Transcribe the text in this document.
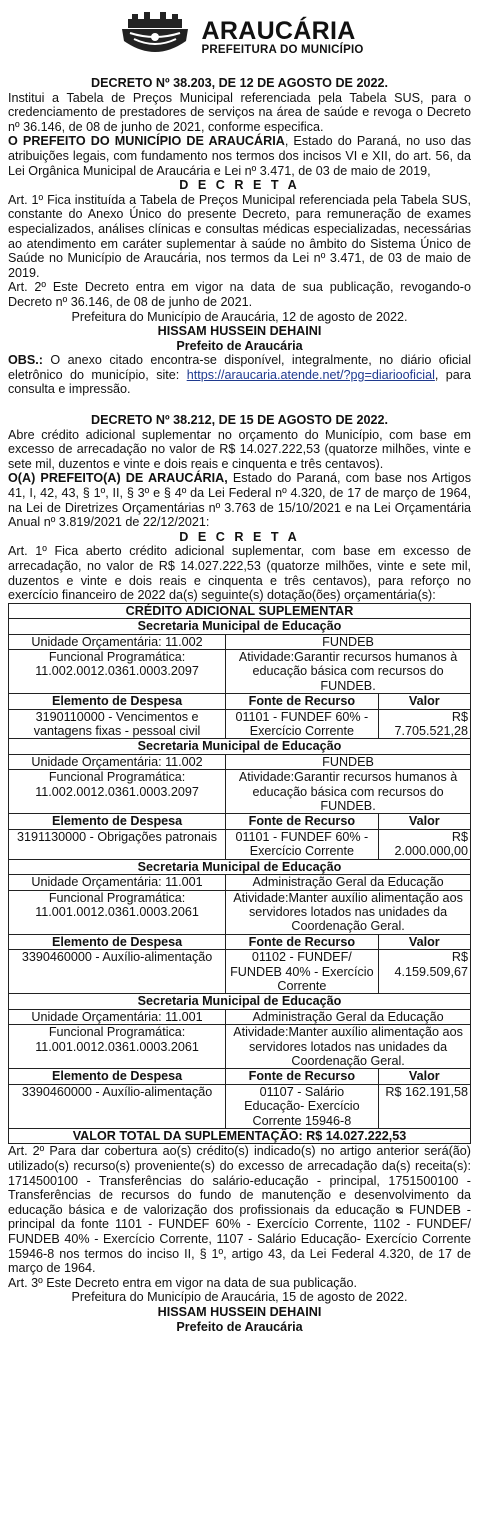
ARAUCÁRIA
PREFEITURA DO MUNICÍPIO

DECRETO Nº 38.203, DE 12 DE AGOSTO DE 2022.

Institui a Tabela de Preços Municipal referenciada pela Tabela SUS, para o credenciamento de prestadores de serviços na área de saúde e revoga o Decreto nº 36.146, de 08 de junho de 2021, conforme especifica.

O PREFEITO DO MUNICÍPIO DE ARAUCÁRIA, Estado do Paraná, no uso das atribuições legais, com fundamento nos termos dos incisos VI e XII, do art. 56, da Lei Orgânica Municipal de Araucária e Lei nº 3.471, de 03 de maio de 2019,

D E C R E T A

Art. 1º Fica instituída a Tabela de Preços Municipal referenciada pela Tabela SUS, constante do Anexo Único do presente Decreto, para remuneração de exames especializados, análises clínicas e consultas médicas especializadas, necessárias ao atendimento em caráter suplementar à saúde no âmbito do Sistema Único de Saúde no Município de Araucária, nos termos da Lei nº 3.471, de 03 de maio de 2019.

Art. 2º Este Decreto entra em vigor na data de sua publicação, revogando-o Decreto nº 36.146, de 08 de junho de 2021.

Prefeitura do Município de Araucária, 12 de agosto de 2022.

HISSAM HUSSEIN DEHAINI

Prefeito de Araucária

OBS.: O anexo citado encontra-se disponível, integralmente, no diário oficial eletrônico do município, site: https://araucaria.atende.net/?pg=diariooficial, para consulta e impressão.

DECRETO Nº 38.212, DE 15 DE AGOSTO DE 2022.

Abre crédito adicional suplementar no orçamento do Município, com base em excesso de arrecadação no valor de R$ 14.027.222,53 (quatorze milhões, vinte e sete mil, duzentos e vinte e dois reais e cinquenta e três centavos).

O(A) PREFEITO(A) DE ARAUCÁRIA, Estado do Paraná, com base nos Artigos 41, I, 42, 43, § 1º, II, § 3º e § 4º da Lei Federal nº 4.320, de 17 de março de 1964, na Lei de Diretrizes Orçamentárias nº 3.763 de 15/10/2021 e na Lei Orçamentária Anual nº 3.819/2021 de 22/12/2021:

D E C R E T A

Art. 1º Fica aberto crédito adicional suplementar, com base em excesso de arrecadação, no valor de R$ 14.027.222,53 (quatorze milhões, vinte e sete mil, duzentos e vinte e dois reais e cinquenta e três centavos), para reforço no exercício financeiro de 2022 da(s) seguinte(s) dotação(ões) orçamentária(s):

CRÉDITO ADICIONAL SUPLEMENTAR		
Secretaria Municipal de Educação		
Unidade Orçamentária: 11.002	FUNDEB	
Funcional Programática: 11.002.0012.0361.0003.2097	Atividade:Garantir recursos humanos à educação básica com recursos do FUNDEB.	
Elemento de Despesa	Fonte de Recurso	Valor
3190110000 - Vencimentos e vantagens fixas - pessoal civil	01101 - FUNDEF 60% - Exercício Corrente	R$ 7.705.521,28
Secretaria Municipal de Educação		
Unidade Orçamentária: 11.002	FUNDEB	
Funcional Programática: 11.002.0012.0361.0003.2097	Atividade:Garantir recursos humanos à educação básica com recursos do FUNDEB.	
Elemento de Despesa	Fonte de Recurso	Valor
3191130000 - Obrigações patronais	01101 - FUNDEF 60% - Exercício Corrente	R$ 2.000.000,00
Secretaria Municipal de Educação		
Unidade Orçamentária: 11.001	Administração Geral da Educação	
Funcional Programática: 11.001.0012.0361.0003.2061	Atividade:Manter auxílio alimentação aos servidores lotados nas unidades da Coordenação Geral.	
Elemento de Despesa	Fonte de Recurso	Valor
3390460000 - Auxílio-alimentação	01102 - FUNDEF/ FUNDEB 40% - Exercício Corrente	R$ 4.159.509,67
Secretaria Municipal de Educação		
Unidade Orçamentária: 11.001	Administração Geral da Educação	
Funcional Programática: 11.001.0012.0361.0003.2061	Atividade:Manter auxílio alimentação aos servidores lotados nas unidades da Coordenação Geral.	
Elemento de Despesa	Fonte de Recurso	Valor
3390460000 - Auxílio-alimentação	01107 - Salário Educação- Exercício Corrente 15946-8	R$ 162.191,58
VALOR TOTAL DA SUPLEMENTAÇÃO: R$ 14.027.222,53		

Art. 2º Para dar cobertura ao(s) crédito(s) indicado(s) no artigo anterior será(ão) utilizado(s) recurso(s) proveniente(s) do excesso de arrecadação da(s) receita(s): 1714500100 - Transferências do salário-educação - principal, 1751500100 - Transferências de recursos do fundo de manutenção e desenvolvimento da educação básica e de valorização dos profissionais da educação ᴓ FUNDEB - principal da fonte 1101 - FUNDEF 60% - Exercício Corrente, 1102 - FUNDEF/ FUNDEB 40% - Exercício Corrente, 1107 - Salário Educação- Exercício Corrente 15946-8 nos termos do inciso II, § 1º, artigo 43, da Lei Federal 4.320, de 17 de março de 1964.

Art. 3º Este Decreto entra em vigor na data de sua publicação.

Prefeitura do Município de Araucária, 15 de agosto de 2022.

HISSAM HUSSEIN DEHAINI

Prefeito de Araucária
